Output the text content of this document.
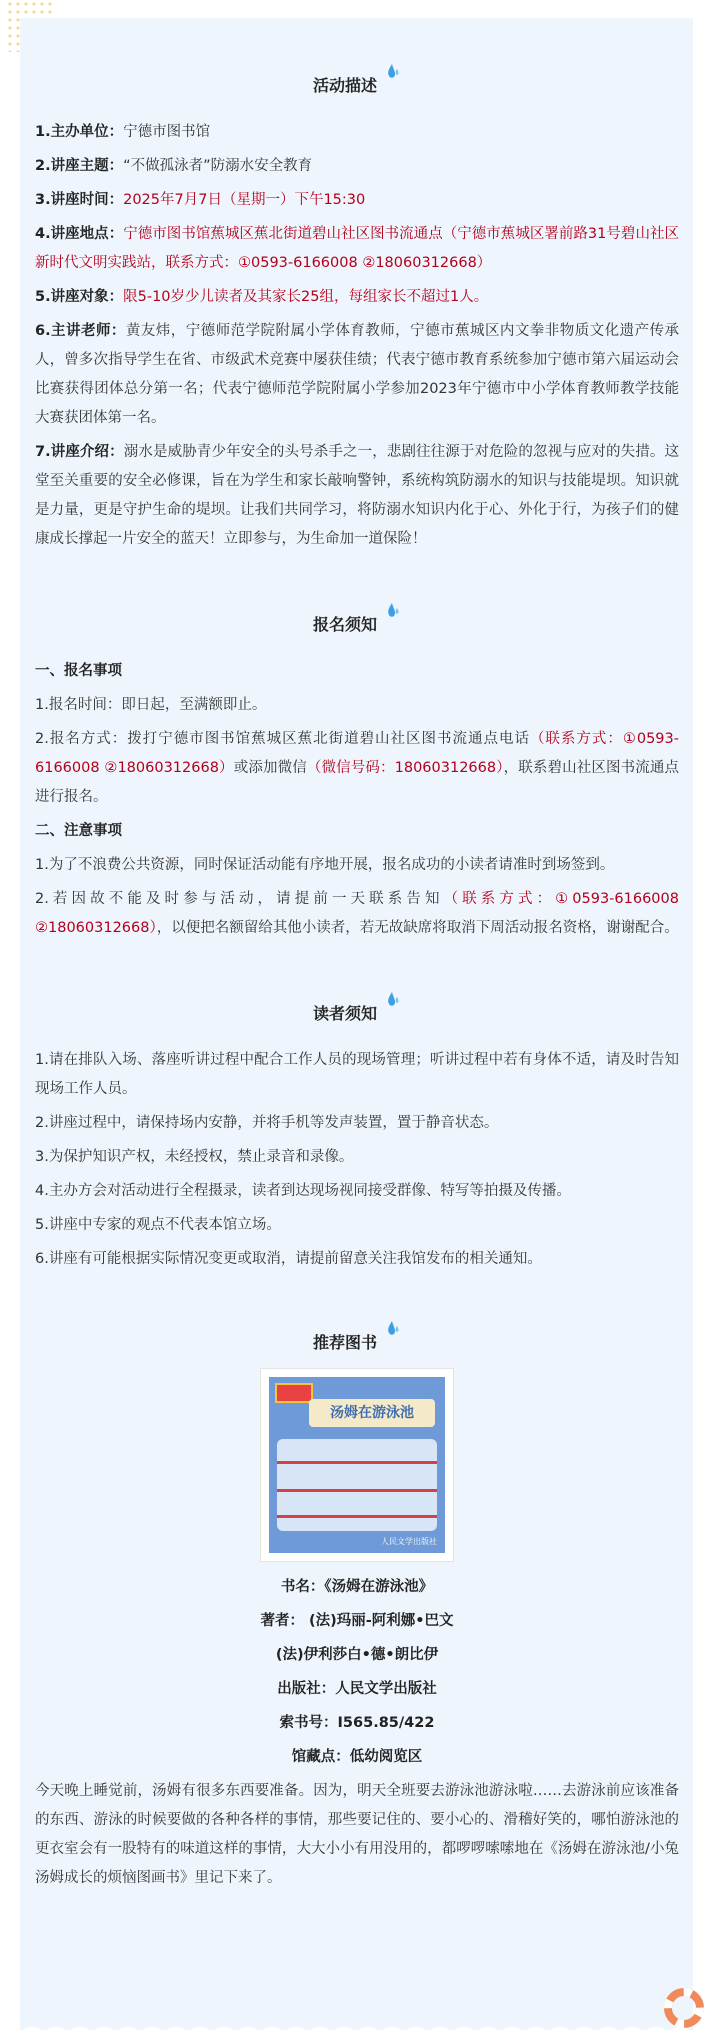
活动描述

1.主办单位：宁德市图书馆

2.讲座主题：“不做孤泳者”防溺水安全教育

3.讲座时间：2025年7月7日（星期一）下午15:30

4.讲座地点：宁德市图书馆蕉城区蕉北街道碧山社区图书流通点（宁德市蕉城区署前路31号碧山社区新时代文明实践站，联系方式：①0593-6166008 ②18060312668）

5.讲座对象：限5-10岁少儿读者及其家长25组，每组家长不超过1人。

6.主讲老师：黄友炜，宁德师范学院附属小学体育教师，宁德市蕉城区内文拳非物质文化遗产传承人，曾多次指导学生在省、市级武术竞赛中屡获佳绩；代表宁德市教育系统参加宁德市第六届运动会比赛获得团体总分第一名；代表宁德师范学院附属小学参加2023年宁德市中小学体育教师教学技能大赛获团体第一名。

7.讲座介绍：溺水是威胁青少年安全的头号杀手之一，悲剧往往源于对危险的忽视与应对的失措。这堂至关重要的安全必修课，旨在为学生和家长敲响警钟，系统构筑防溺水的知识与技能堤坝。知识就是力量，更是守护生命的堤坝。让我们共同学习，将防溺水知识内化于心、外化于行，为孩子们的健康成长撑起一片安全的蓝天！立即参与，为生命加一道保险！

报名须知

一、报名事项

1.报名时间：即日起，至满额即止。

2.报名方式：拨打宁德市图书馆蕉城区蕉北街道碧山社区图书流通点电话（联系方式：①0593-6166008 ②18060312668）或添加微信（微信号码：18060312668），联系碧山社区图书流通点进行报名。

二、注意事项

1.为了不浪费公共资源，同时保证活动能有序地开展，报名成功的小读者请准时到场签到。

2.若因故不能及时参与活动，请提前一天联系告知（联系方式：①0593-6166008 ②18060312668），以便把名额留给其他小读者，若无故缺席将取消下周活动报名资格，谢谢配合。

读者须知

1.请在排队入场、落座听讲过程中配合工作人员的现场管理；听讲过程中若有身体不适，请及时告知现场工作人员。

2.讲座过程中，请保持场内安静，并将手机等发声装置，置于静音状态。

3.为保护知识产权，未经授权，禁止录音和录像。

4.主办方会对活动进行全程摄录，读者到达现场视同接受群像、特写等拍摄及传播。

5.讲座中专家的观点不代表本馆立场。

6.讲座有可能根据实际情况变更或取消，请提前留意关注我馆发布的相关通知。

推荐图书
汤姆在游泳池
人民文学出版社

书名：《汤姆在游泳池》

著者： (法)玛丽-阿利娜•巴文

(法)伊利莎白•德•朗比伊

出版社：人民文学出版社

索书号：I565.85/422

馆藏点：低幼阅览区

今天晚上睡觉前，汤姆有很多东西要准备。因为，明天全班要去游泳池游泳啦……去游泳前应该准备的东西、游泳的时候要做的各种各样的事情，那些要记住的、要小心的、滑稽好笑的，哪怕游泳池的更衣室会有一股特有的味道这样的事情，大大小小有用没用的，都啰啰嗦嗦地在《汤姆在游泳池/小兔汤姆成长的烦恼图画书》里记下来了。
